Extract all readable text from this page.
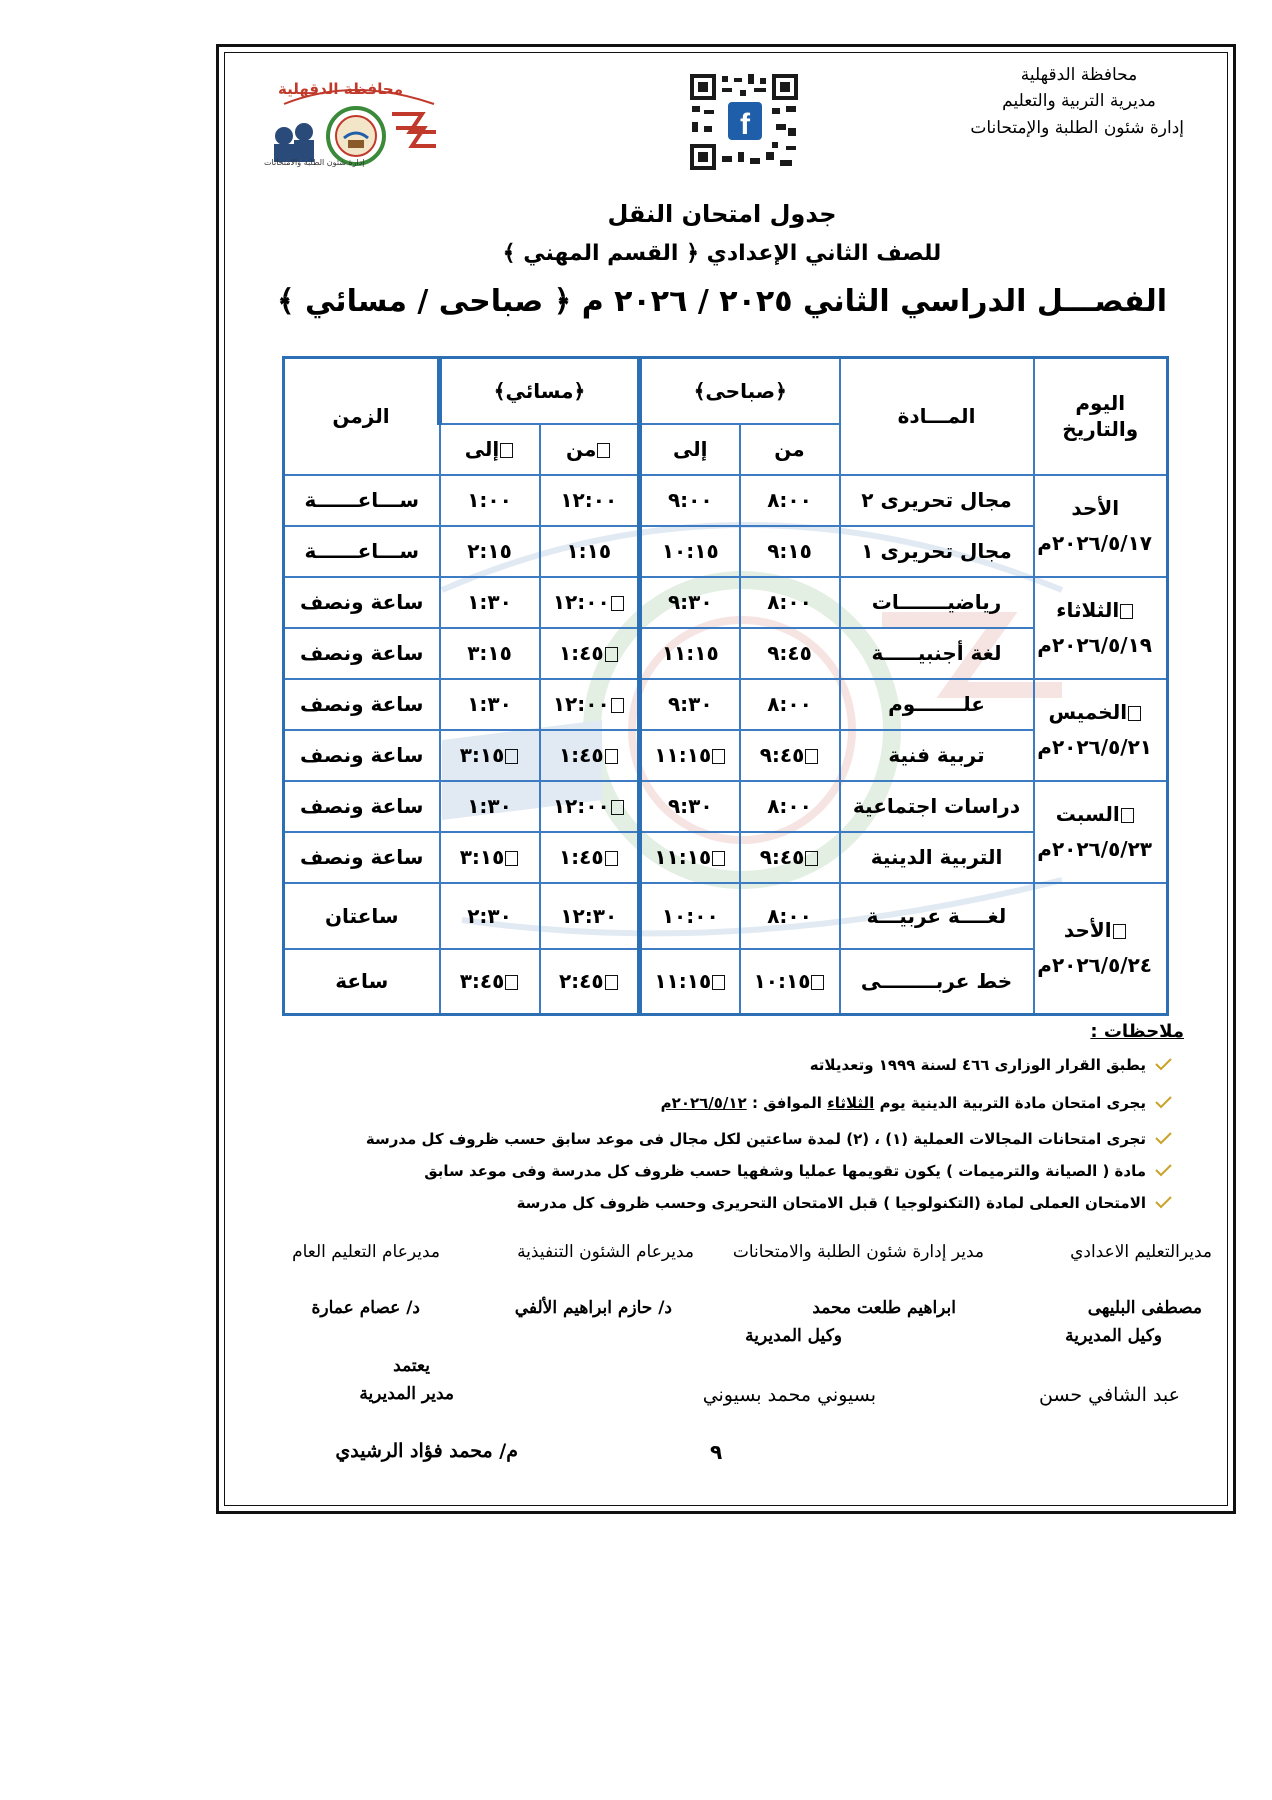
محافظة الدقهلية
مديرية التربية والتعليم
إدارة شئون الطلبة والإمتحانات
f
محافظة الدقهلية
إدارة شئون الطلبة والامتحانات
جدول امتحان النقل
للصف الثاني الإعدادي ﴿ القسم المهني ﴾
الفصـــل الدراسي الثاني ٢٠٢٥ / ٢٠٢٦ م ﴿ صباحى / مسائي ﴾
اليوم والتاريخ	المـــادة	﴿صباحى﴾		﴿مسائي﴾		الزمن
		من	إلى	من	إلى	

الأحد
٢٠٢٦/٥/١٧م	مجال تحريرى ٢	٨:٠٠	٩:٠٠	١٢:٠٠	١:٠٠	ســـاعــــــة
	مجال تحريرى ١	٩:١٥	١٠:١٥	١:١٥	٢:١٥	ســـاعــــــة

الثلاثاء
٢٠٢٦/٥/١٩م	رياضيـــــــات	٨:٠٠	٩:٣٠	١٢:٠٠	١:٣٠	ساعة ونصف
	لغة أجنبيـــــة	٩:٤٥	١١:١٥	١:٤٥	٣:١٥	ساعة ونصف

الخميس
٢٠٢٦/٥/٢١م	علـــــــوم	٨:٠٠	٩:٣٠	١٢:٠٠	١:٣٠	ساعة ونصف
	تربية فنية	٩:٤٥	١١:١٥	١:٤٥	٣:١٥	ساعة ونصف

السبت
٢٠٢٦/٥/٢٣م	دراسات اجتماعية	٨:٠٠	٩:٣٠	١٢:٠٠	١:٣٠	ساعة ونصف
	التربية الدينية	٩:٤٥	١١:١٥	١:٤٥	٣:١٥	ساعة ونصف

الأحد
٢٠٢٦/٥/٢٤م	لغــــة عربيـــة	٨:٠٠	١٠:٠٠	١٢:٣٠	٢:٣٠	ساعتان
	خط عربــــــــى	١٠:١٥	١١:١٥	٢:٤٥	٣:٤٥	ساعة
ملاحظات :
يطبق القرار الوزارى ٤٦٦ لسنة ١٩٩٩ وتعديلاته
يجرى امتحان مادة التربية الدينية يوم الثلاثاء الموافق : ٢٠٢٦/٥/١٢م
تجرى امتحانات المجالات العملية (١) ، (٢) لمدة ساعتين لكل مجال فى موعد سابق حسب ظروف كل مدرسة
مادة ( الصيانة والترميمات ) يكون تقويمها عمليا وشفهيا حسب ظروف كل مدرسة وفى موعد سابق
الامتحان العملى لمادة (التكنولوجيا ) قبل الامتحان التحريرى وحسب ظروف كل مدرسة
مديرالتعليم الاعدادي
مدير إدارة شئون الطلبة والامتحانات
مديرعام الشئون التنفيذية
مديرعام التعليم العام
مصطفى البليهى
ابراهيم طلعت محمد
د/ حازم ابراهيم الألفي
د/ عصام عمارة
وكيل المديرية
وكيل المديرية
يعتمد
مدير المديرية	عبد الشافي حسن
بسيوني محمد بسيوني
م/ محمد فؤاد الرشيدي	٩
